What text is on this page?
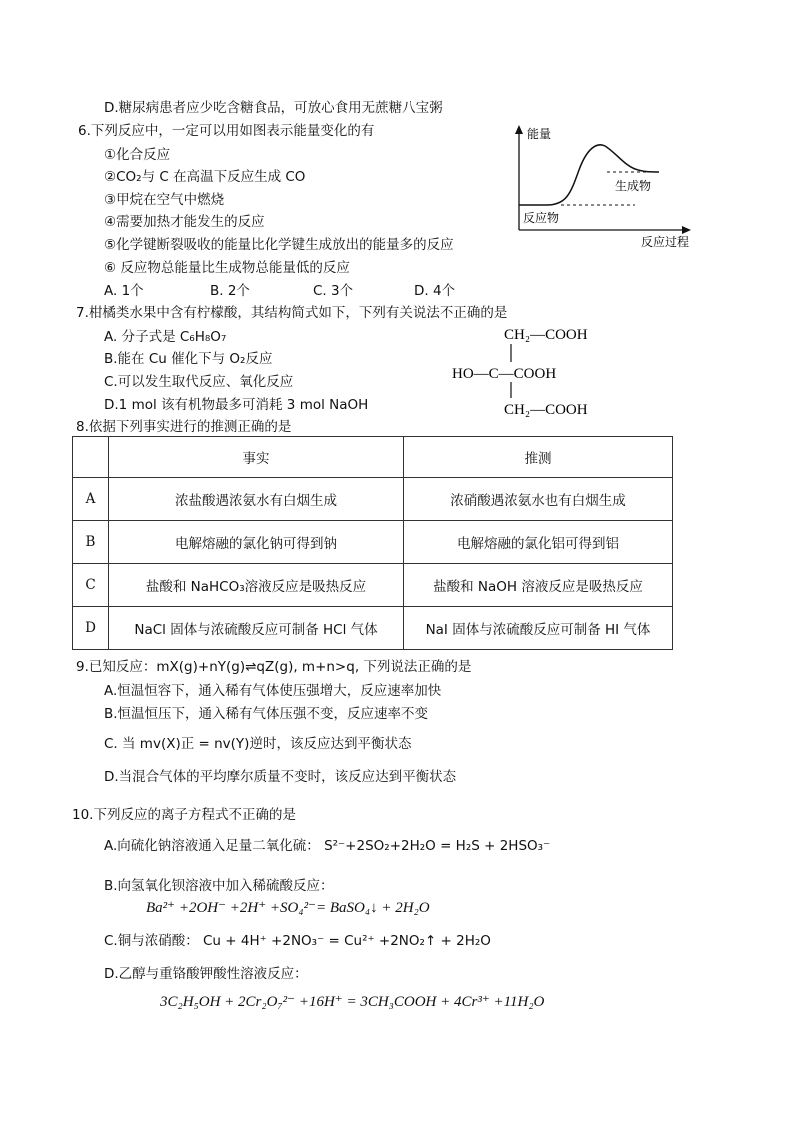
D.糖尿病患者应少吃含糖食品，可放心食用无蔗糖八宝粥
6.下列反应中，一定可以用如图表示能量变化的有
①化合反应
②CO₂与 C 在高温下反应生成 CO
③甲烷在空气中燃烧
④需要加热才能发生的反应
⑤化学键断裂吸收的能量比化学键生成放出的能量多的反应
⑥ 反应物总能量比生成物总能量低的反应
A. 1个	B. 2个	C. 3个	D. 4个
能量
生成物
反应物
反应过程
7.柑橘类水果中含有柠檬酸，其结构简式如下，下列有关说法不正确的是
A. 分子式是 C₆H₈O₇
B.能在 Cu 催化下与 O₂反应
C.可以发生取代反应、氧化反应
D.1 mol 该有机物最多可消耗 3 mol NaOH
CH₂—COOH
HO—C—COOH
CH₂—COOH
8.依据下列事实进行的推测正确的是
	事实	推测
A	浓盐酸遇浓氨水有白烟生成	浓硝酸遇浓氨水也有白烟生成
B	电解熔融的氯化钠可得到钠	电解熔融的氯化铝可得到铝
C	盐酸和 NaHCO₃溶液反应是吸热反应	盐酸和 NaOH 溶液反应是吸热反应
D	NaCl 固体与浓硫酸反应可制备 HCl 气体	NaI 固体与浓硫酸反应可制备 HI 气体
9.已知反应：mX(g)+nY(g)⇌qZ(g), m+n>q, 下列说法正确的是
A.恒温恒容下，通入稀有气体使压强增大，反应速率加快
B.恒温恒压下，通入稀有气体压强不变，反应速率不变
C. 当 mv(X)正 = nv(Y)逆时，该反应达到平衡状态
D.当混合气体的平均摩尔质量不变时，该反应达到平衡状态
10.下列反应的离子方程式不正确的是
A.向硫化钠溶液通入足量二氧化硫： S²⁻+2SO₂+2H₂O = H₂S + 2HSO₃⁻
B.向氢氧化钡溶液中加入稀硫酸反应：
Ba²⁺ +2OH⁻ +2H⁺ +SO₄²⁻= BaSO₄↓ + 2H₂O
C.铜与浓硝酸： Cu + 4H⁺ +2NO₃⁻ = Cu²⁺ +2NO₂↑ + 2H₂O
D.乙醇与重铬酸钾酸性溶液反应：
3C₂H₅OH + 2Cr₂O₇²⁻ +16H⁺ = 3CH₃COOH + 4Cr³⁺ +11H₂O
